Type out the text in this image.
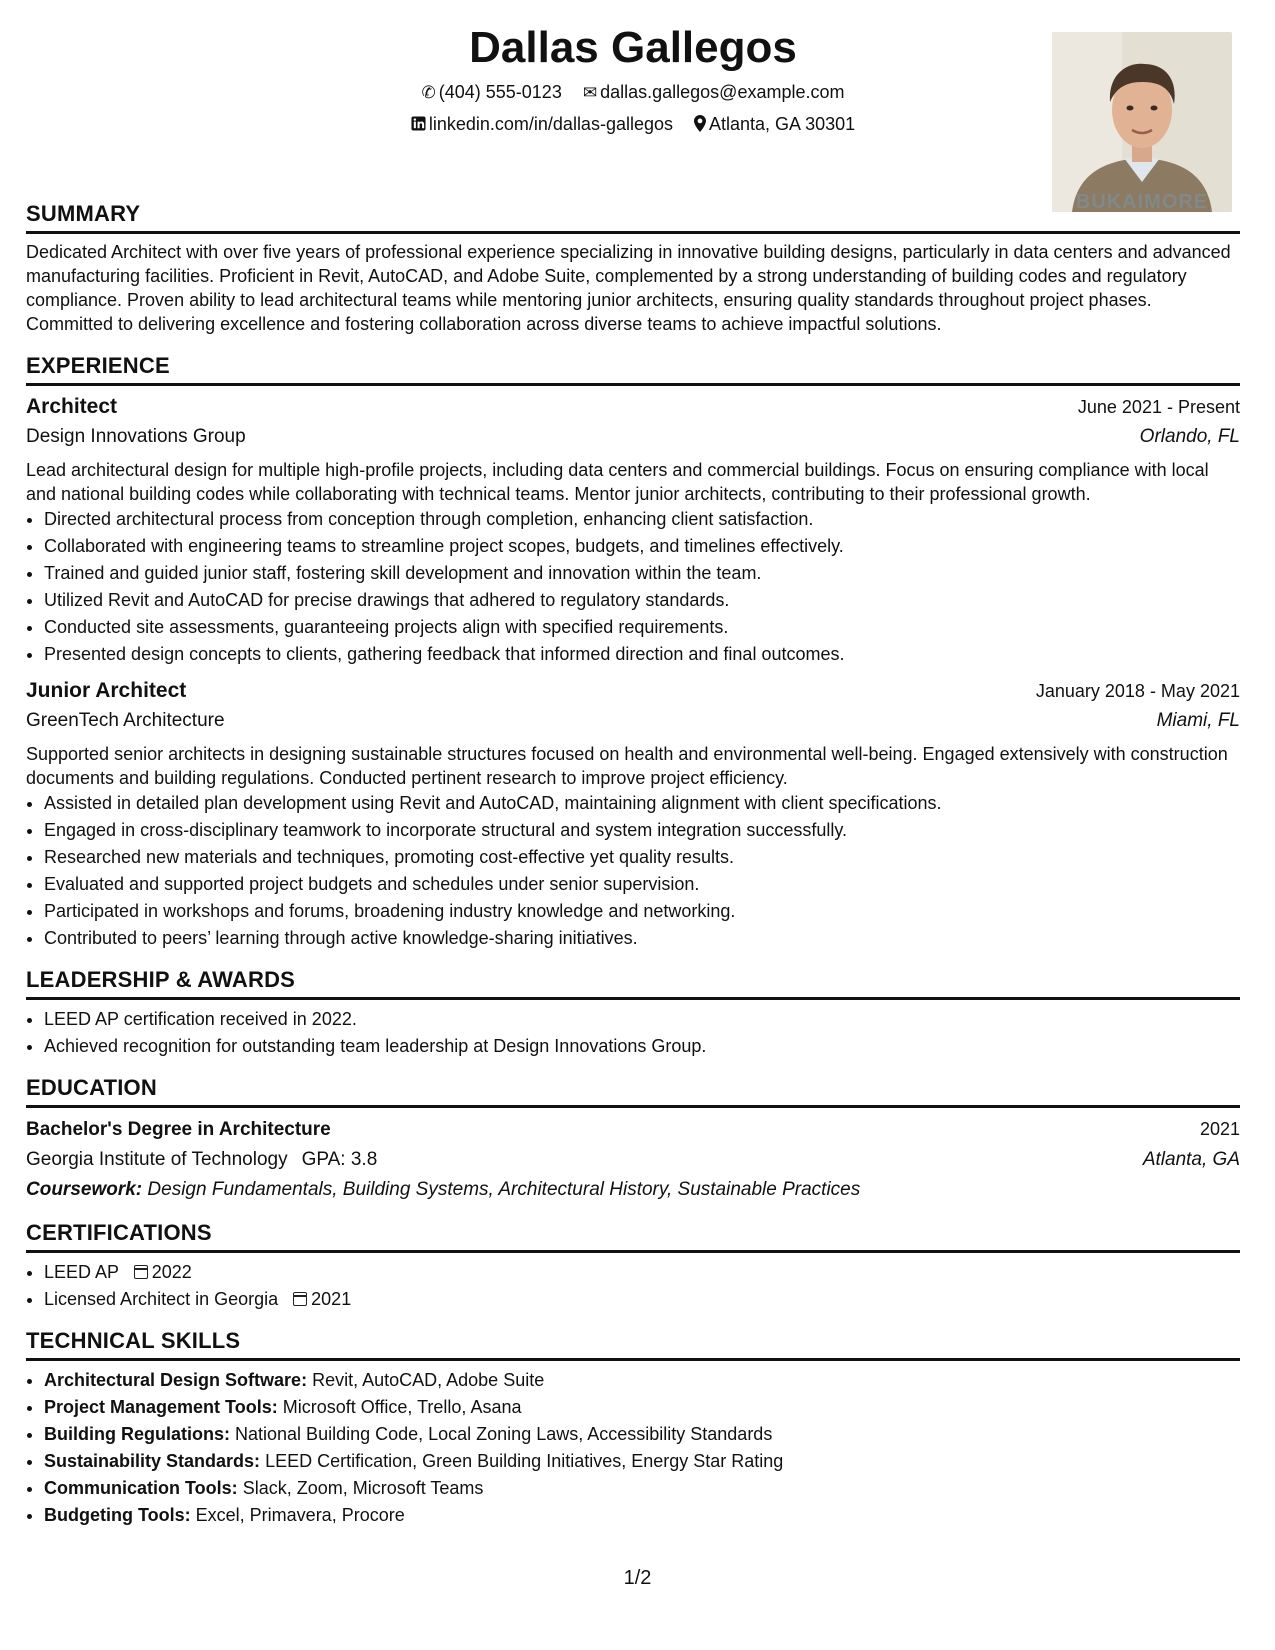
Dallas Gallegos
✆ (404) 555-0123 ✉ dallas.gallegos@example.com
linkedin.com/in/dallas-gallegos Atlanta, GA 30301
BUKAIMORE
SUMMARY
Dedicated Architect with over five years of professional experience specializing in innovative building designs, particularly in data centers and advanced manufacturing facilities. Proficient in Revit, AutoCAD, and Adobe Suite, complemented by a strong understanding of building codes and regulatory compliance. Proven ability to lead architectural teams while mentoring junior architects, ensuring quality standards throughout project phases. Committed to delivering excellence and fostering collaboration across diverse teams to achieve impactful solutions.
EXPERIENCE
Architect	June 2021 - Present
Design Innovations Group	Orlando, FL
Lead architectural design for multiple high-profile projects, including data centers and commercial buildings. Focus on ensuring compliance with local and national building codes while collaborating with technical teams. Mentor junior architects, contributing to their professional growth.
• Directed architectural process from conception through completion, enhancing client satisfaction.
• Collaborated with engineering teams to streamline project scopes, budgets, and timelines effectively.
• Trained and guided junior staff, fostering skill development and innovation within the team.
• Utilized Revit and AutoCAD for precise drawings that adhered to regulatory standards.
• Conducted site assessments, guaranteeing projects align with specified requirements.
• Presented design concepts to clients, gathering feedback that informed direction and final outcomes.
Junior Architect	January 2018 - May 2021
GreenTech Architecture	Miami, FL
Supported senior architects in designing sustainable structures focused on health and environmental well-being. Engaged extensively with construction documents and building regulations. Conducted pertinent research to improve project efficiency.
• Assisted in detailed plan development using Revit and AutoCAD, maintaining alignment with client specifications.
• Engaged in cross-disciplinary teamwork to incorporate structural and system integration successfully.
• Researched new materials and techniques, promoting cost-effective yet quality results.
• Evaluated and supported project budgets and schedules under senior supervision.
• Participated in workshops and forums, broadening industry knowledge and networking.
• Contributed to peers’ learning through active knowledge-sharing initiatives.
LEADERSHIP & AWARDS
• LEED AP certification received in 2022.
• Achieved recognition for outstanding team leadership at Design Innovations Group.
EDUCATION
Bachelor's Degree in Architecture	2021
Georgia Institute of Technology GPA: 3.8	Atlanta, GA
Coursework: Design Fundamentals, Building Systems, Architectural History, Sustainable Practices
CERTIFICATIONS
• LEED AP 2022
• Licensed Architect in Georgia 2021
TECHNICAL SKILLS
• Architectural Design Software: Revit, AutoCAD, Adobe Suite
• Project Management Tools: Microsoft Office, Trello, Asana
• Building Regulations: National Building Code, Local Zoning Laws, Accessibility Standards
• Sustainability Standards: LEED Certification, Green Building Initiatives, Energy Star Rating
• Communication Tools: Slack, Zoom, Microsoft Teams
• Budgeting Tools: Excel, Primavera, Procore
1/2
